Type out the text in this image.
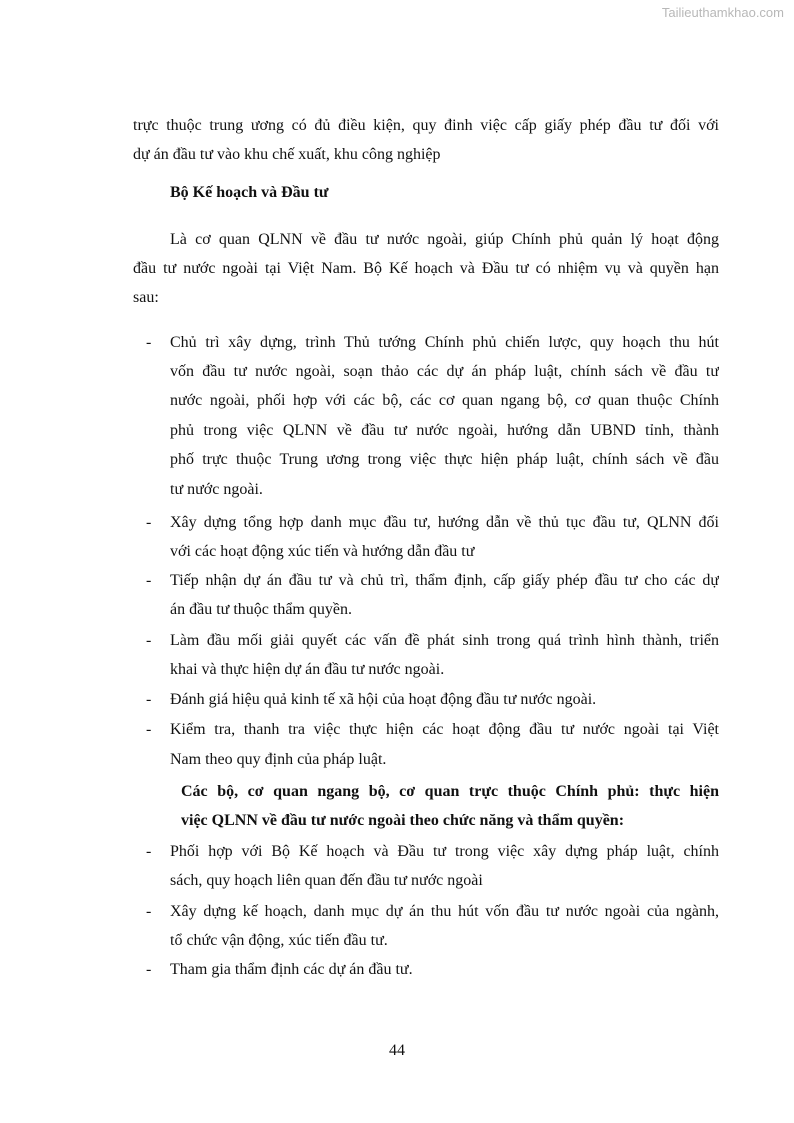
Tailieuthamkhao.com
trực thuộc trung ương có đủ điều kiện, quy đinh việc cấp giấy phép đầu tư đối với
dự án đầu tư vào khu chế xuất, khu công nghiệp
Bộ Kế hoạch và Đầu tư
Là cơ quan QLNN về đầu tư nước ngoài, giúp Chính phủ quản lý hoạt động
đầu tư nước ngoài tại Việt Nam. Bộ Kế hoạch và Đầu tư có nhiệm vụ và quyền hạn
sau:
- Chủ trì xây dựng, trình Thủ tướng Chính phủ chiến lược, quy hoạch thu hút
vốn đầu tư nước ngoài, soạn thảo các dự án pháp luật, chính sách về đầu tư
nước ngoài, phối hợp với các bộ, các cơ quan ngang bộ, cơ quan thuộc Chính
phủ trong việc QLNN về đầu tư nước ngoài, hướng dẫn UBND tỉnh, thành
phố trực thuộc Trung ương trong việc thực hiện pháp luật, chính sách về đầu
tư nước ngoài.
- Xây dựng tổng hợp danh mục đầu tư, hướng dẫn về thủ tục đầu tư, QLNN đối
với các hoạt động xúc tiến và hướng dẫn đầu tư
- Tiếp nhận dự án đầu tư và chủ trì, thẩm định, cấp giấy phép đầu tư cho các dự
án đầu tư thuộc thẩm quyền.
- Làm đầu mối giải quyết các vấn đề phát sinh trong quá trình hình thành, triển
khai và thực hiện dự án đầu tư nước ngoài.
- Đánh giá hiệu quả kinh tế xã hội của hoạt động đầu tư nước ngoài.
- Kiểm tra, thanh tra việc thực hiện các hoạt động đầu tư nước ngoài tại Việt
Nam theo quy định của pháp luật.
Các bộ, cơ quan ngang bộ, cơ quan trực thuộc Chính phủ: thực hiện
việc QLNN về đầu tư nước ngoài theo chức năng và thẩm quyền:
- Phối hợp với Bộ Kế hoạch và Đầu tư trong việc xây dựng pháp luật, chính
sách, quy hoạch liên quan đến đầu tư nước ngoài
- Xây dựng kế hoạch, danh mục dự án thu hút vốn đầu tư nước ngoài của ngành,
tổ chức vận động, xúc tiến đầu tư.
- Tham gia thẩm định các dự án đầu tư.
44
